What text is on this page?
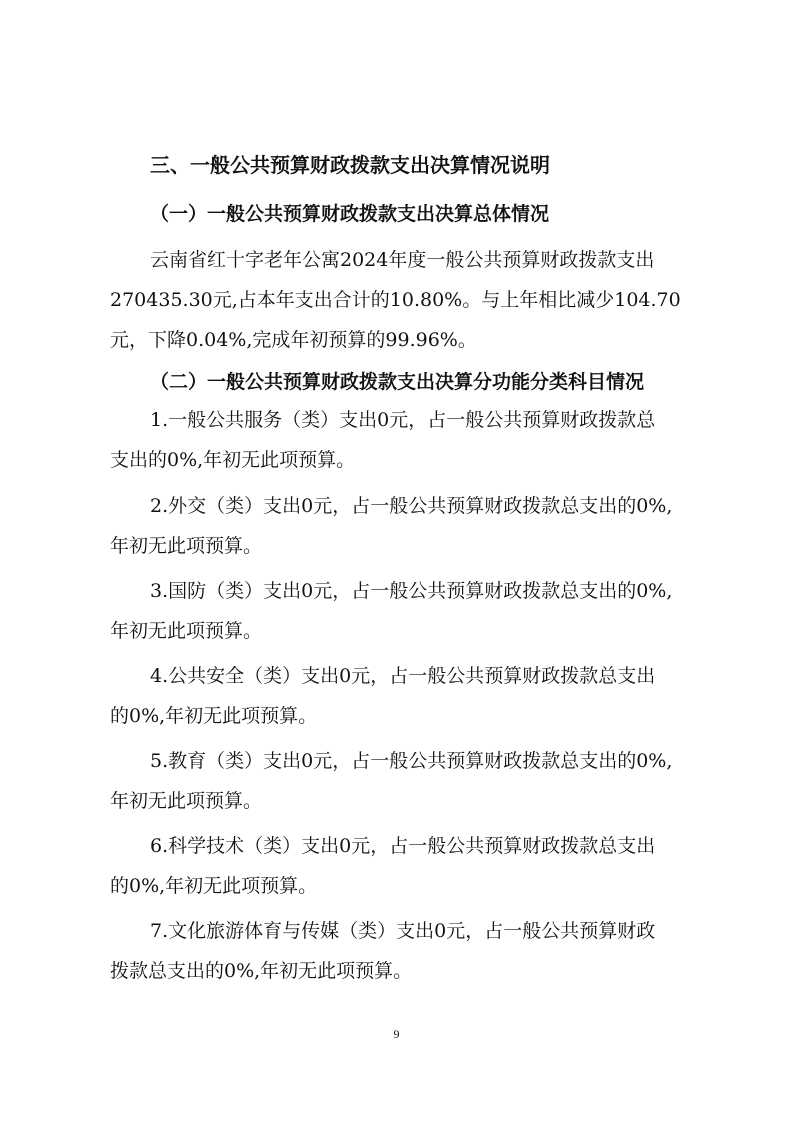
三、一般公共预算财政拨款支出决算情况说明
（一）一般公共预算财政拨款支出决算总体情况

云南省红十字老年公寓2024年度一般公共预算财政拨款支出
270435.30元,占本年支出合计的10.80%。与上年相比减少104.70
元，下降0.04%,完成年初预算的99.96%。

（二）一般公共预算财政拨款支出决算分功能分类科目情况

1.一般公共服务（类）支出0元，占一般公共预算财政拨款总
支出的0%,年初无此项预算。

2.外交（类）支出0元，占一般公共预算财政拨款总支出的0%,
年初无此项预算。

3.国防（类）支出0元，占一般公共预算财政拨款总支出的0%,
年初无此项预算。

4.公共安全（类）支出0元，占一般公共预算财政拨款总支出
的0%,年初无此项预算。

5.教育（类）支出0元，占一般公共预算财政拨款总支出的0%,
年初无此项预算。

6.科学技术（类）支出0元，占一般公共预算财政拨款总支出
的0%,年初无此项预算。

7.文化旅游体育与传媒（类）支出0元，占一般公共预算财政
拨款总支出的0%,年初无此项预算。

9
